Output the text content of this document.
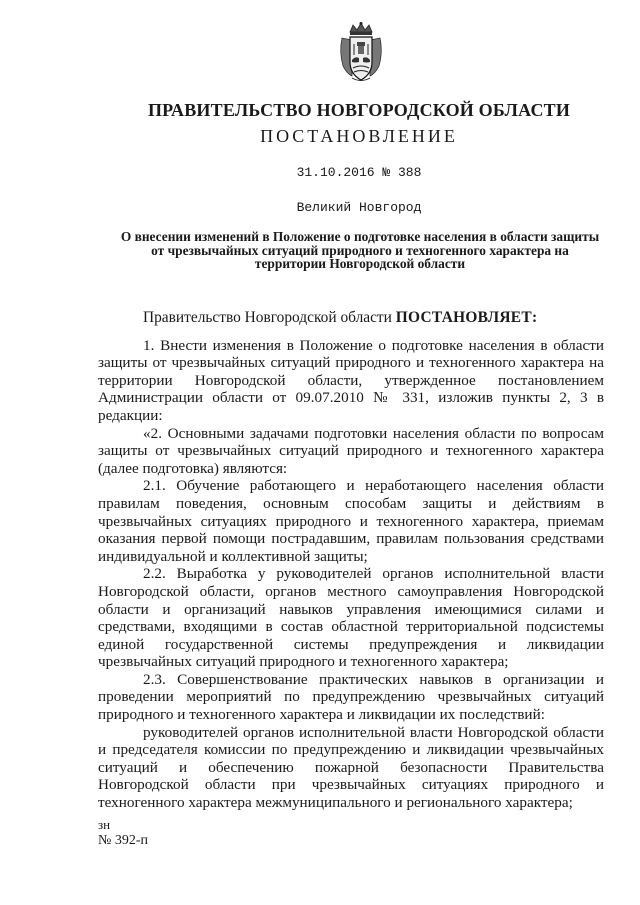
ПРАВИТЕЛЬСТВО НОВГОРОДСКОЙ ОБЛАСТИ
ПОСТАНОВЛЕНИЕ
31.10.2016 № 388
Великий Новгород
О внесении изменений в Положение о подготовке населения в области защиты от чрезвычайных ситуаций природного и техногенного характера на территории Новгородской области

Правительство Новгородской области ПОСТАНОВЛЯЕТ:

1. Внести изменения в Положение о подготовке населения в области защиты от чрезвычайных ситуаций природного и техногенного характера на территории Новгородской области, утвержденное постановлением Администрации области от 09.07.2010 № 331, изложив пункты 2, 3 в редакции:

«2. Основными задачами подготовки населения области по вопросам защиты от чрезвычайных ситуаций природного и техногенного характера (далее подготовка) являются:

2.1. Обучение работающего и неработающего населения области правилам поведения, основным способам защиты и действиям в чрезвычайных ситуациях природного и техногенного характера, приемам оказания первой помощи пострадавшим, правилам пользования средствами индивидуальной и коллективной защиты;

2.2. Выработка у руководителей органов исполнительной власти Новгородской области, органов местного самоуправления Новгородской области и организаций навыков управления имеющимися силами и средствами, входящими в состав областной территориальной подсистемы единой государственной системы предупреждения и ликвидации чрезвычайных ситуаций природного и техногенного характера;

2.3. Совершенствование практических навыков в организации и проведении мероприятий по предупреждению чрезвычайных ситуаций природного и техногенного характера и ликвидации их последствий:

руководителей органов исполнительной власти Новгородской области и председателя комиссии по предупреждению и ликвидации чрезвычайных ситуаций и обеспечению пожарной безопасности Правительства Новгородской области при чрезвычайных ситуациях природного и техногенного характера межмуниципального и регионального характера;

зн
№ 392-п
